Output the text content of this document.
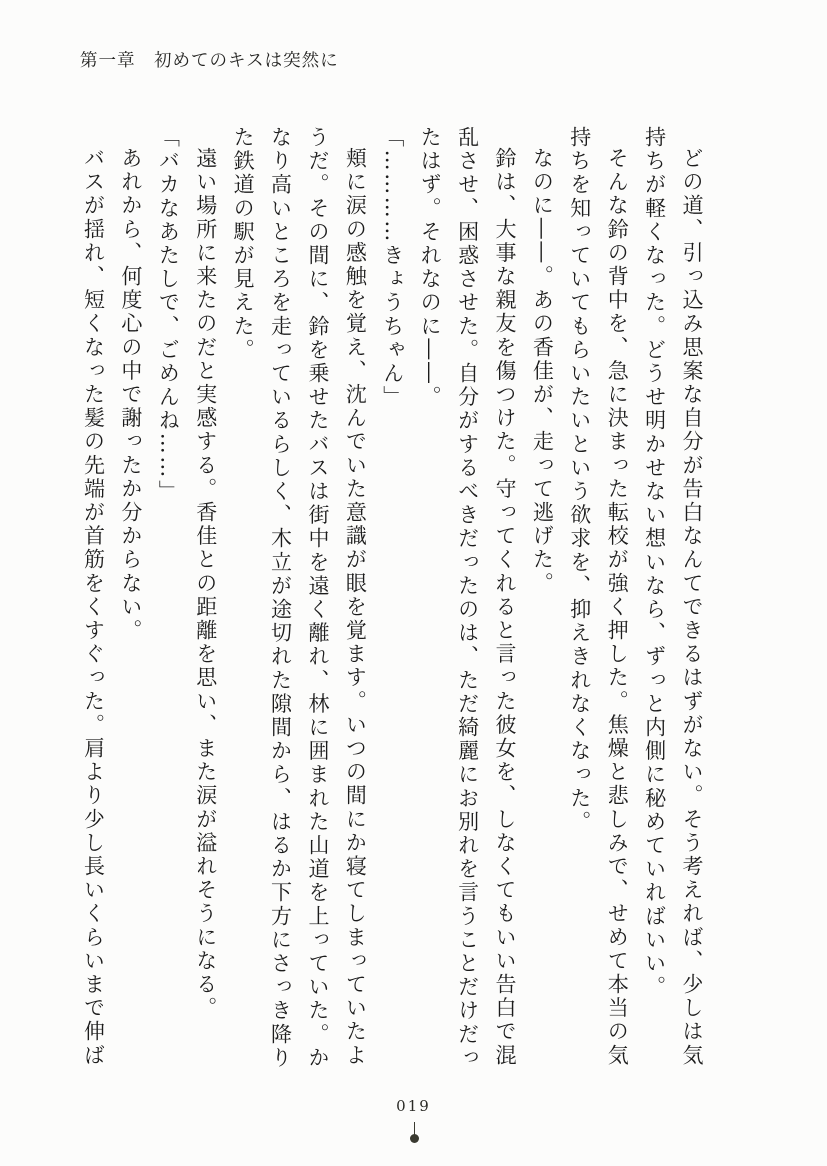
第一章　初めてのキスは突然に

どの道、引っ込み思案な自分が告白なんてできるはずがない。そう考えれば、少しは気持ちが軽くなった。どうせ明かせない想いなら、ずっと内側に秘めていればいい。

そんな鈴の背中を、急に決まった転校が強く押した。焦燥と悲しみで、せめて本当の気持ちを知っていてもらいたいという欲求を、抑えきれなくなった。

なのに――。あの香佳が、走って逃げた。

鈴は、大事な親友を傷つけた。守ってくれると言った彼女を、しなくてもいい告白で混乱させ、困惑させた。自分がするべきだったのは、ただ綺麗にお別れを言うことだけだったはず。それなのに――。

「…………きょうちゃん」

頬に涙の感触を覚え、沈んでいた意識が眼を覚ます。いつの間にか寝てしまっていたようだ。その間に、鈴を乗せたバスは街中を遠く離れ、林に囲まれた山道を上っていた。かなり高いところを走っているらしく、木立が途切れた隙間から、はるか下方にさっき降りた鉄道の駅が見えた。

遠い場所に来たのだと実感する。香佳との距離を思い、また涙が溢れそうになる。

「バカなあたしで、ごめんね……」

あれから、何度心の中で謝ったか分からない。

バスが揺れ、短くなった髪の先端が首筋をくすぐった。肩より少し長いくらいまで伸ば

019
